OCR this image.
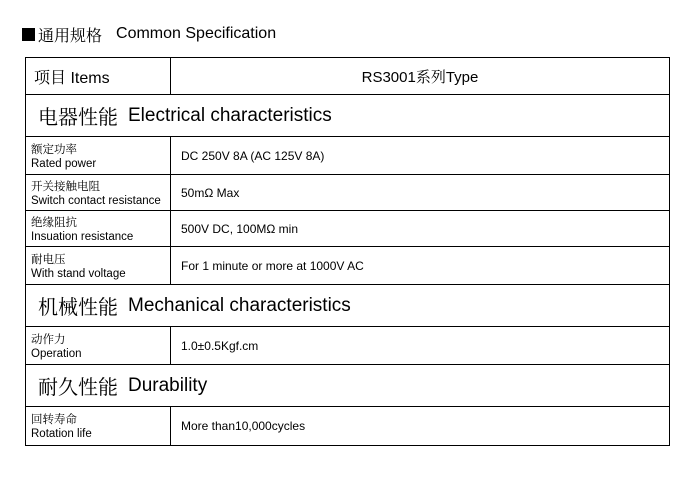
通用规格 Common Specification
项目 Items	RS3001系列Type
电器性能 Electrical characteristics
额定功率
Rated power
DC 250V 8A (AC 125V 8A)
开关接触电阻
Switch contact resistance
50mΩ Max
绝缘阻抗
Insuation resistance
500V DC, 100MΩ min
耐电压
With stand voltage
For 1 minute or more at 1000V AC
机械性能 Mechanical characteristics
动作力
Operation
1.0±0.5Kgf.cm
耐久性能 Durability
回转寿命
Rotation life
More than10,000cycles
